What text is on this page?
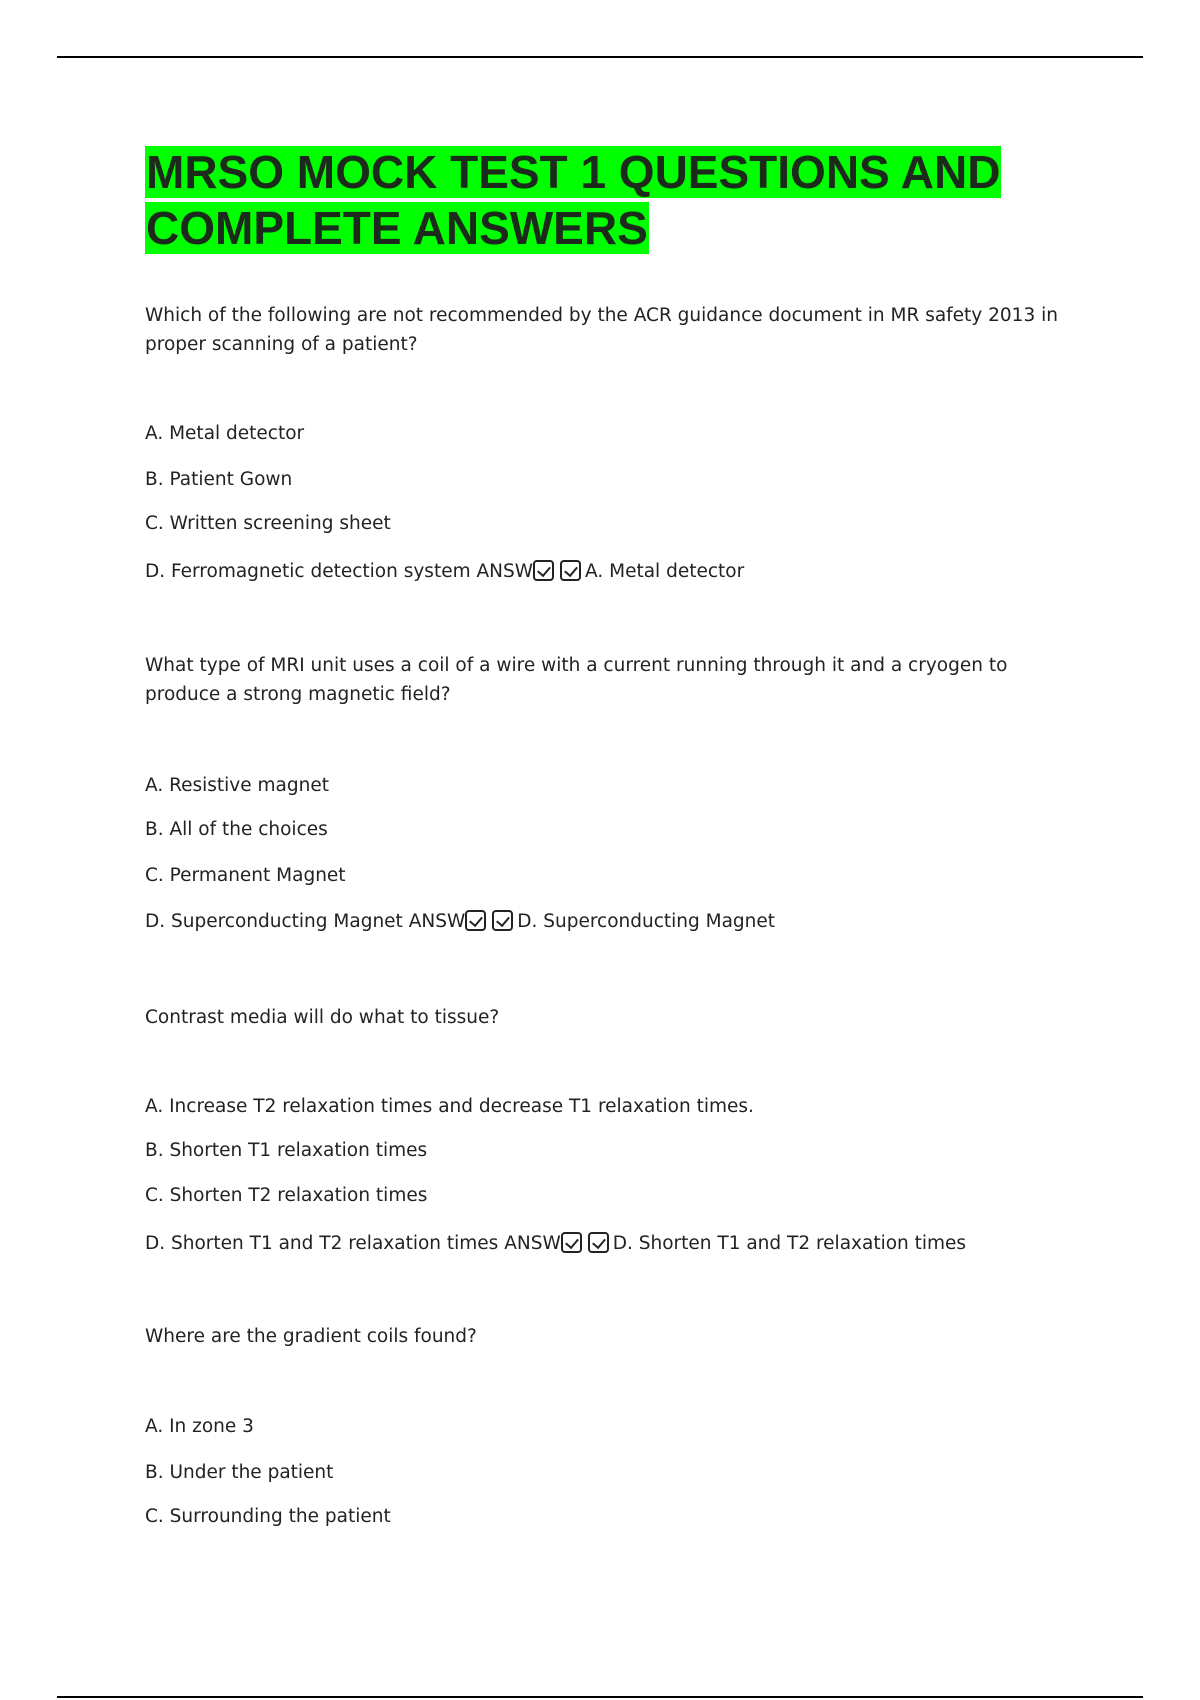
MRSO MOCK TEST 1 QUESTIONS AND COMPLETE ANSWERS

Which of the following are not recommended by the ACR guidance document in MR safety 2013 in proper scanning of a patient?

A. Metal detector

B. Patient Gown

C. Written screening sheet

D. Ferromagnetic detection system ANSW	A. Metal detector

What type of MRI unit uses a coil of a wire with a current running through it and a cryogen to produce a strong magnetic field?

A. Resistive magnet

B. All of the choices

C. Permanent Magnet

D. Superconducting Magnet ANSW	D. Superconducting Magnet

Contrast media will do what to tissue?

A. Increase T2 relaxation times and decrease T1 relaxation times.

B. Shorten T1 relaxation times

C. Shorten T2 relaxation times

D. Shorten T1 and T2 relaxation times ANSW	D. Shorten T1 and T2 relaxation times

Where are the gradient coils found?

A. In zone 3

B. Under the patient

C. Surrounding the patient
